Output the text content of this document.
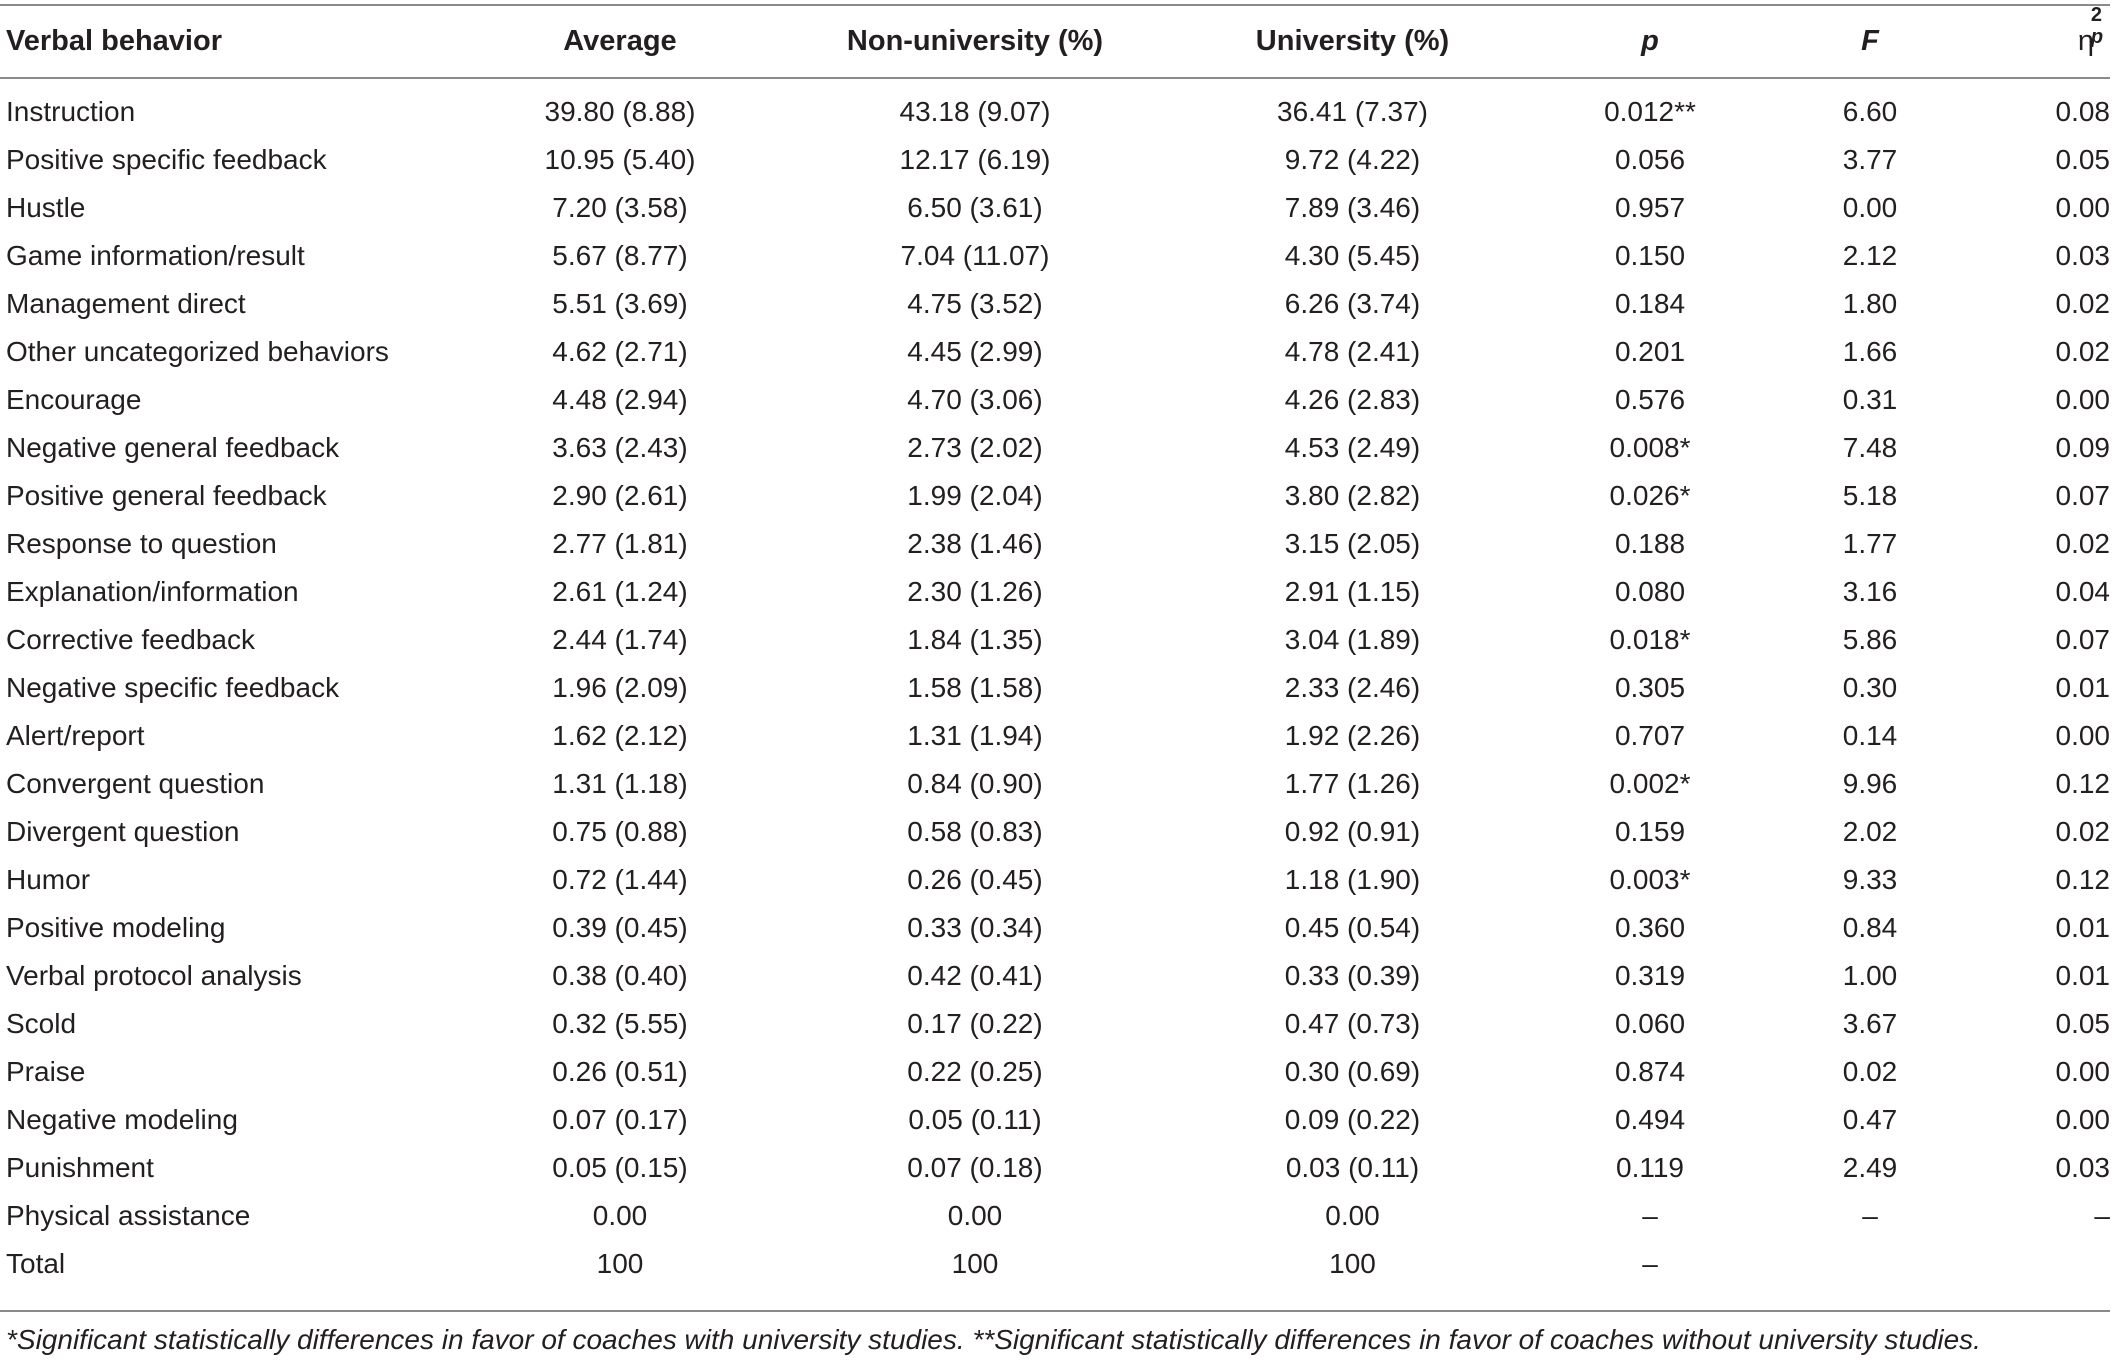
Verbal behavior	Average	Non-university (%)	University (%)	p	F	η
2
p
Instruction	39.80 (8.88)	43.18 (9.07)	36.41 (7.37)	0.012**	6.60	0.08
Positive specific feedback	10.95 (5.40)	12.17 (6.19)	9.72 (4.22)	0.056	3.77	0.05
Hustle	7.20 (3.58)	6.50 (3.61)	7.89 (3.46)	0.957	0.00	0.00
Game information/result	5.67 (8.77)	7.04 (11.07)	4.30 (5.45)	0.150	2.12	0.03
Management direct	5.51 (3.69)	4.75 (3.52)	6.26 (3.74)	0.184	1.80	0.02
Other uncategorized behaviors	4.62 (2.71)	4.45 (2.99)	4.78 (2.41)	0.201	1.66	0.02
Encourage	4.48 (2.94)	4.70 (3.06)	4.26 (2.83)	0.576	0.31	0.00
Negative general feedback	3.63 (2.43)	2.73 (2.02)	4.53 (2.49)	0.008*	7.48	0.09
Positive general feedback	2.90 (2.61)	1.99 (2.04)	3.80 (2.82)	0.026*	5.18	0.07
Response to question	2.77 (1.81)	2.38 (1.46)	3.15 (2.05)	0.188	1.77	0.02
Explanation/information	2.61 (1.24)	2.30 (1.26)	2.91 (1.15)	0.080	3.16	0.04
Corrective feedback	2.44 (1.74)	1.84 (1.35)	3.04 (1.89)	0.018*	5.86	0.07
Negative specific feedback	1.96 (2.09)	1.58 (1.58)	2.33 (2.46)	0.305	0.30	0.01
Alert/report	1.62 (2.12)	1.31 (1.94)	1.92 (2.26)	0.707	0.14	0.00
Convergent question	1.31 (1.18)	0.84 (0.90)	1.77 (1.26)	0.002*	9.96	0.12
Divergent question	0.75 (0.88)	0.58 (0.83)	0.92 (0.91)	0.159	2.02	0.02
Humor	0.72 (1.44)	0.26 (0.45)	1.18 (1.90)	0.003*	9.33	0.12
Positive modeling	0.39 (0.45)	0.33 (0.34)	0.45 (0.54)	0.360	0.84	0.01
Verbal protocol analysis	0.38 (0.40)	0.42 (0.41)	0.33 (0.39)	0.319	1.00	0.01
Scold	0.32 (5.55)	0.17 (0.22)	0.47 (0.73)	0.060	3.67	0.05
Praise	0.26 (0.51)	0.22 (0.25)	0.30 (0.69)	0.874	0.02	0.00
Negative modeling	0.07 (0.17)	0.05 (0.11)	0.09 (0.22)	0.494	0.47	0.00
Punishment	0.05 (0.15)	0.07 (0.18)	0.03 (0.11)	0.119	2.49	0.03
Physical assistance	0.00	0.00	0.00	–	–	–
Total	100	100	100	–
*Significant statistically differences in favor of coaches with university studies. **Significant statistically differences in favor of coaches without university studies.
